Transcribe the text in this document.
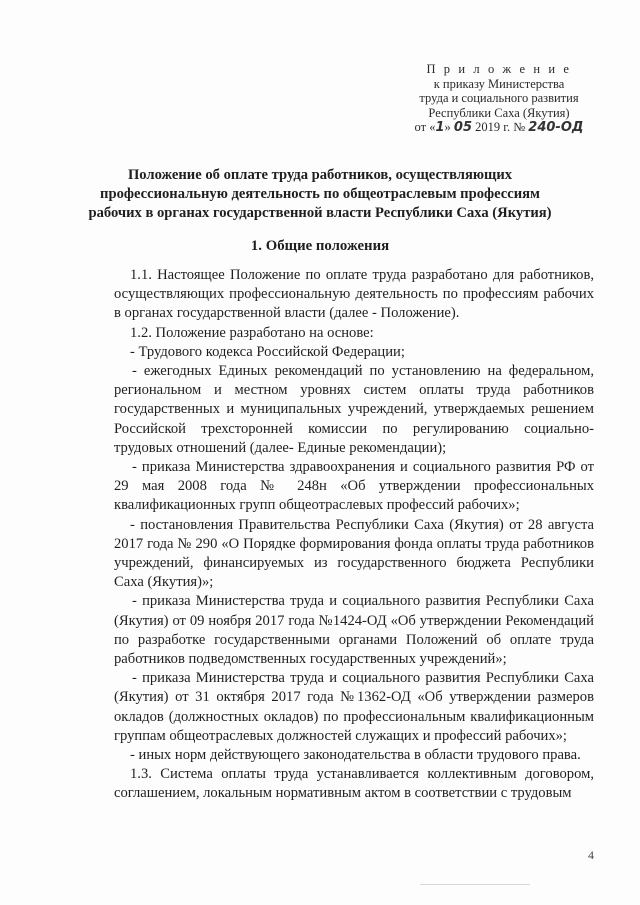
П р и л о ж е н и е
к приказу Министерства
труда и социального развития
Республики Саха (Якутия)
от «1» 05 2019 г. № 240-ОД
Положение об оплате труда работников, осуществляющих профессиональную деятельность по общеотраслевым профессиям рабочих в органах государственной власти Республики Саха (Якутия)
1. Общие положения

1.1. Настоящее Положение по оплате труда разработано для работников, осуществляющих профессиональную деятельность по профессиям рабочих в органах государственной власти (далее - Положение).

1.2. Положение разработано на основе:

- Трудового кодекса Российской Федерации;

- ежегодных Единых рекомендаций по установлению на федеральном, региональном и местном уровнях систем оплаты труда работников государственных и муниципальных учреждений, утверждаемых решением Российской трехсторонней комиссии по регулированию социально-трудовых отношений (далее- Единые рекомендации);

- приказа Министерства здравоохранения и социального развития РФ от 29 мая 2008 года № 248н «Об утверждении профессиональных квалификационных групп общеотраслевых профессий рабочих»;

- постановления Правительства Республики Саха (Якутия) от 28 августа 2017 года № 290 «О Порядке формирования фонда оплаты труда работников учреждений, финансируемых из государственного бюджета Республики Саха (Якутия)»;

- приказа Министерства труда и социального развития Республики Саха (Якутия) от 09 ноября 2017 года №1424-ОД «Об утверждении Рекомендаций по разработке государственными органами Положений об оплате труда работников подведомственных государственных учреждений»;

- приказа Министерства труда и социального развития Республики Саха (Якутия) от 31 октября 2017 года №1362-ОД «Об утверждении размеров окладов (должностных окладов) по профессиональным квалификационным группам общеотраслевых должностей служащих и профессий рабочих»;

- иных норм действующего законодательства в области трудового права.

1.3. Система оплаты труда устанавливается коллективным договором, соглашением, локальным нормативным актом в соответствии с трудовым

4
